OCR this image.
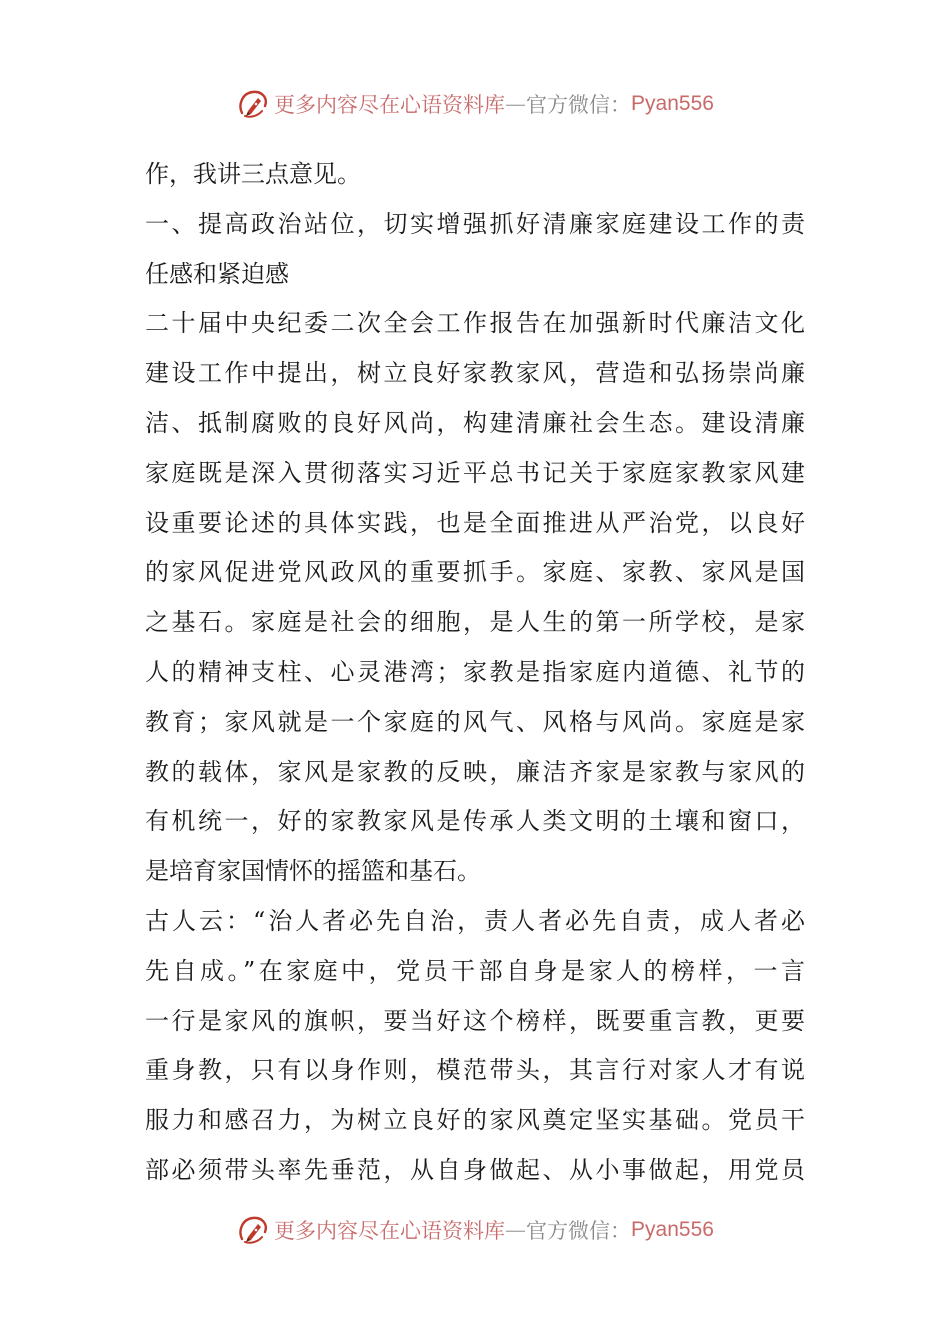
更多内容尽在心语资料库 — 官方微信： Pyan556
作，我讲三点意见。
一、提高政治站位，切实增强抓好清廉家庭建设工作的责
任感和紧迫感
二十届中央纪委二次全会工作报告在加强新时代廉洁文化
建设工作中提出，树立良好家教家风，营造和弘扬崇尚廉
洁、抵制腐败的良好风尚，构建清廉社会生态。建设清廉
家庭既是深入贯彻落实习近平总书记关于家庭家教家风建
设重要论述的具体实践，也是全面推进从严治党，以良好
的家风促进党风政风的重要抓手。家庭、家教、家风是国
之基石。家庭是社会的细胞，是人生的第一所学校，是家
人的精神支柱、心灵港湾；家教是指家庭内道德、礼节的
教育；家风就是一个家庭的风气、风格与风尚。家庭是家
教的载体，家风是家教的反映，廉洁齐家是家教与家风的
有机统一，好的家教家风是传承人类文明的土壤和窗口，
是培育家国情怀的摇篮和基石。
古人云：“治人者必先自治，责人者必先自责，成人者必
先自成。”在家庭中，党员干部自身是家人的榜样，一言
一行是家风的旗帜，要当好这个榜样，既要重言教，更要
重身教，只有以身作则，模范带头，其言行对家人才有说
服力和感召力，为树立良好的家风奠定坚实基础。党员干
部必须带头率先垂范，从自身做起、从小事做起，用党员
更多内容尽在心语资料库 — 官方微信： Pyan556
